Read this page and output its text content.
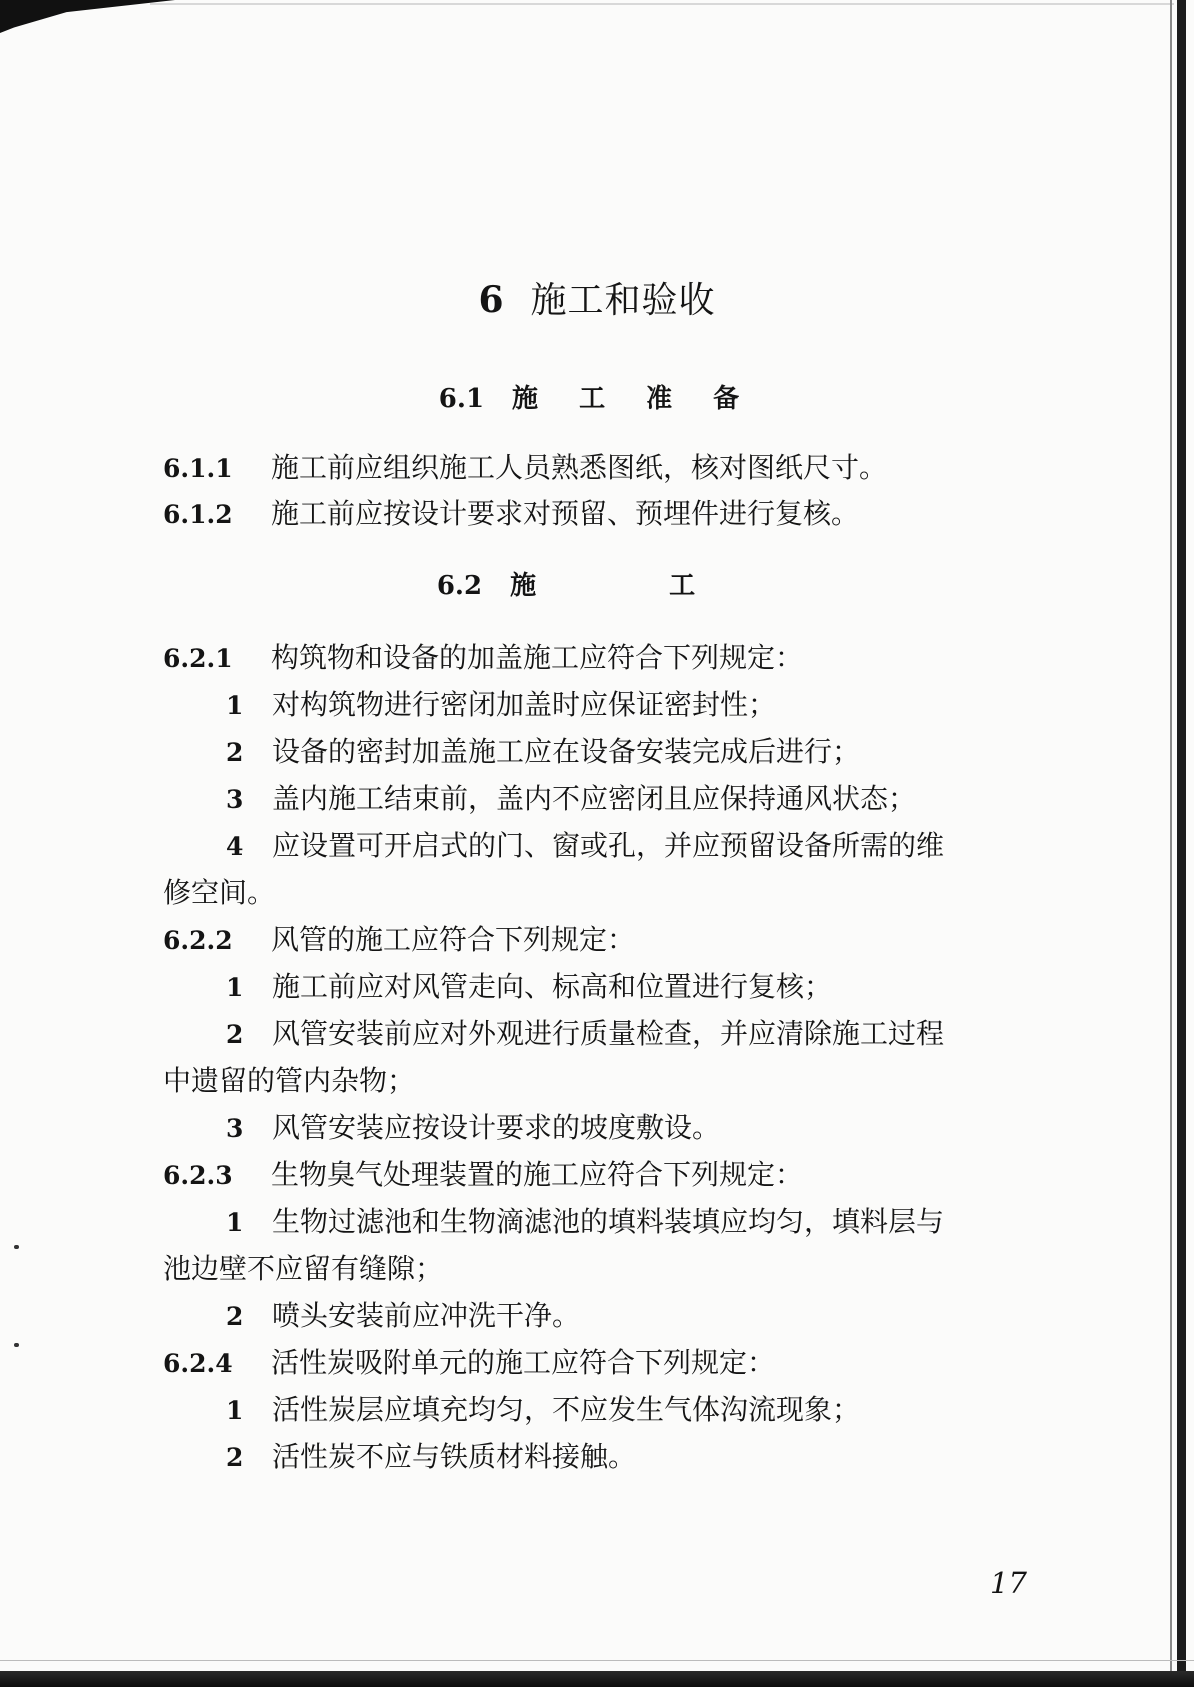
6 施工和验收
6.1 施 工 准 备
6.1.1 施工前应组织施工人员熟悉图纸，核对图纸尺寸。
6.1.2 施工前应按设计要求对预留、预埋件进行复核。
6.2 施 工
6.2.1 构筑物和设备的加盖施工应符合下列规定：
1 对构筑物进行密闭加盖时应保证密封性；
2 设备的密封加盖施工应在设备安装完成后进行；
3 盖内施工结束前，盖内不应密闭且应保持通风状态；
4 应设置可开启式的门、窗或孔，并应预留设备所需的维
修空间。
6.2.2 风管的施工应符合下列规定：
1 施工前应对风管走向、标高和位置进行复核；
2 风管安装前应对外观进行质量检查，并应清除施工过程
中遗留的管内杂物；
3 风管安装应按设计要求的坡度敷设。
6.2.3 生物臭气处理装置的施工应符合下列规定：
1 生物过滤池和生物滴滤池的填料装填应均匀，填料层与
池边壁不应留有缝隙；
2 喷头安装前应冲洗干净。
6.2.4 活性炭吸附单元的施工应符合下列规定：
1 活性炭层应填充均匀，不应发生气体沟流现象；
2 活性炭不应与铁质材料接触。
17
